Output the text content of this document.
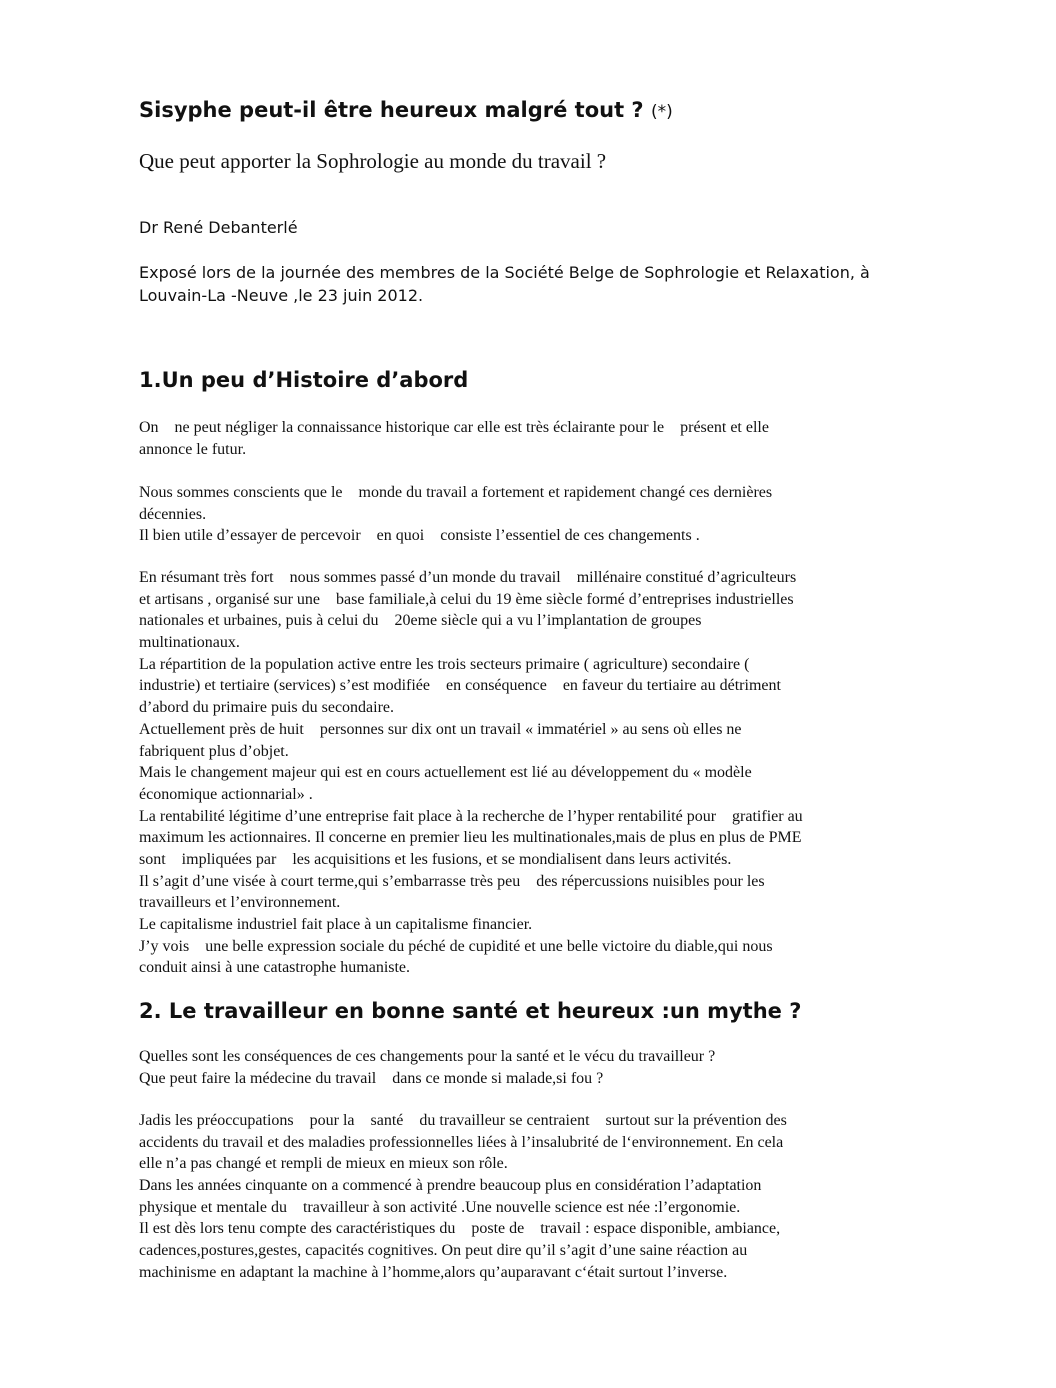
Sisyphe peut-il être heureux malgré tout ? (*)
Que peut apporter la Sophrologie au monde du travail ?
Dr René Debanterlé
Exposé lors de la journée des membres de la Société Belge de Sophrologie et Relaxation, à
Louvain-La -Neuve ,le 23 juin 2012.
1.Un peu d’Histoire d’abord
On    ne peut négliger la connaissance historique car elle est très éclairante pour le    présent et elle
annonce le futur.
Nous sommes conscients que le    monde du travail a fortement et rapidement changé ces dernières
décennies.
Il bien utile d’essayer de percevoir    en quoi    consiste l’essentiel de ces changements .
En résumant très fort    nous sommes passé d’un monde du travail    millénaire constitué d’agriculteurs
et artisans , organisé sur une    base familiale,à celui du 19 ème siècle formé d’entreprises industrielles
nationales et urbaines, puis à celui du    20eme siècle qui a vu l’implantation de groupes
multinationaux.
La répartition de la population active entre les trois secteurs primaire ( agriculture) secondaire (
industrie) et tertiaire (services) s’est modifiée    en conséquence    en faveur du tertiaire au détriment
d’abord du primaire puis du secondaire.
Actuellement près de huit    personnes sur dix ont un travail « immatériel » au sens où elles ne
fabriquent plus d’objet.
Mais le changement majeur qui est en cours actuellement est lié au développement du « modèle
économique actionnarial» .
La rentabilité légitime d’une entreprise fait place à la recherche de l’hyper rentabilité pour    gratifier au
maximum les actionnaires. Il concerne en premier lieu les multinationales,mais de plus en plus de PME
sont    impliquées par    les acquisitions et les fusions, et se mondialisent dans leurs activités.
Il s’agit d’une visée à court terme,qui s’embarrasse très peu    des répercussions nuisibles pour les
travailleurs et l’environnement.
Le capitalisme industriel fait place à un capitalisme financier.
J’y vois    une belle expression sociale du péché de cupidité et une belle victoire du diable,qui nous
conduit ainsi à une catastrophe humaniste.
2. Le travailleur en bonne santé et heureux :un mythe ?
Quelles sont les conséquences de ces changements pour la santé et le vécu du travailleur ?
Que peut faire la médecine du travail    dans ce monde si malade,si fou ?
Jadis les préoccupations    pour la    santé    du travailleur se centraient    surtout sur la prévention des
accidents du travail et des maladies professionnelles liées à l’insalubrité de l‘environnement. En cela
elle n’a pas changé et rempli de mieux en mieux son rôle.
Dans les années cinquante on a commencé à prendre beaucoup plus en considération l’adaptation
physique et mentale du    travailleur à son activité .Une nouvelle science est née :l’ergonomie.
Il est dès lors tenu compte des caractéristiques du    poste de    travail : espace disponible, ambiance,
cadences,postures,gestes, capacités cognitives. On peut dire qu’il s’agit d’une saine réaction au
machinisme en adaptant la machine à l’homme,alors qu’auparavant c‘était surtout l’inverse.
